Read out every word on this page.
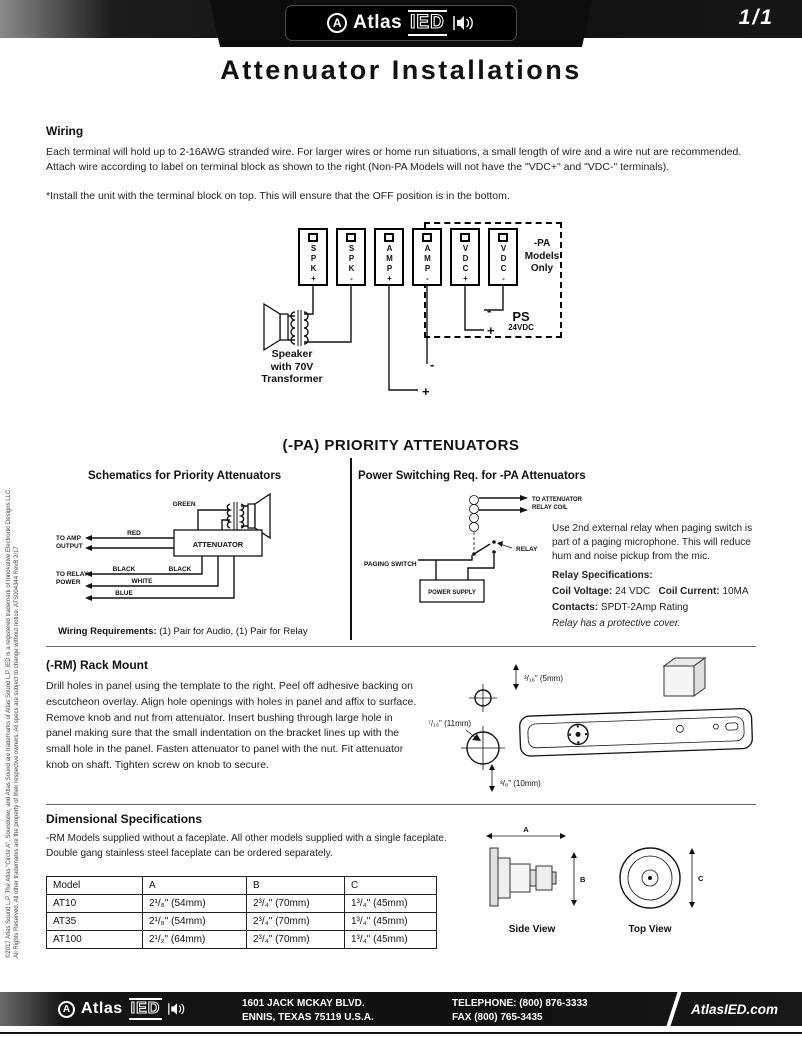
A Atlas IED	1/1
Attenuator Installations
©2017 Atlas Sound L.P. The Atlas "Circle A", Soundolier, and Atlas Sound are trademarks of Atlas Sound L.P. IED is a registered trademark of Innovative Electronic Designs LLC. All Rights Reserved. All other trademarks are the property of their respective owners. All specs are subject to change without notice. ATS004344 RevB 2/17
Wiring
Each terminal will hold up to 2-16AWG stranded wire. For larger wires or home run situations, a small length of wire and a wire nut are recommended. Attach wire according to label on terminal block as shown to the right (Non-PA Models will not have the "VDC+" and "VDC-" terminals).
*Install the unit with the terminal block on top. This will ensure that the OFF position is in the bottom.
-
+
-
+
SPK+	SPK-	AMP+	AMP-	VDC+	VDC-
-PA Models Only
PS
24VDC
Speaker
with 70V
Transformer
(-PA) PRIORITY ATTENUATORS
Schematics for Priority Attenuators	Power Switching Req. for -PA Attenuators
ATTENUATOR
GREEN
TO AMP
OUTPUT
RED
TO RELAY
POWER
BLACK	BLACK
WHITE
BLUE
Wiring Requirements: (1) Pair for Audio, (1) Pair for Relay
TO ATTENUATOR
RELAY COIL
RELAY
PAGING SWITCH
POWER SUPPLY

Use 2nd external relay when paging switch is part of a paging microphone. This will reduce hum and noise pickup from the mic.

Relay Specifications:

Coil Voltage: 24 VDC Coil Current: 10MA

Contacts: SPDT-2Amp Rating

Relay has a protective cover.

(-RM) Rack Mount
Drill holes in panel using the template to the right. Peel off adhesive backing on escutcheon overlay. Align hole openings with holes in panel and affix to surface. Remove knob and nut from attenuator. Insert bushing through large hole in panel making sure that the small indentation on the bracket lines up with the small hole in the panel. Fasten attenuator to panel with the nut. Fit attenuator knob on shaft. Tighten screw on knob to secure.
³/₁₆" (5mm)
⁷/₁₆" (11mm)
³/₈" (10mm)
Dimensional Specifications
-RM Models supplied without a faceplate. All other models supplied with a single faceplate. Double gang stainless steel faceplate can be ordered separately.
Model	A	B	C
AT10	2¹/₈" (54mm)	2³/₄" (70mm)	1³/₄" (45mm)
AT35	2¹/₈" (54mm)	2³/₄" (70mm)	1³/₄" (45mm)
AT100	2¹/₂" (64mm)	2³/₄" (70mm)	1³/₄" (45mm)
A
B
Side View
C
Top View
A Atlas IED	1601 JACK MCKAY BLVD.
ENNIS, TEXAS 75119 U.S.A.
TELEPHONE: (800) 876-3333
FAX (800) 765-3435
AtlasIED.com
